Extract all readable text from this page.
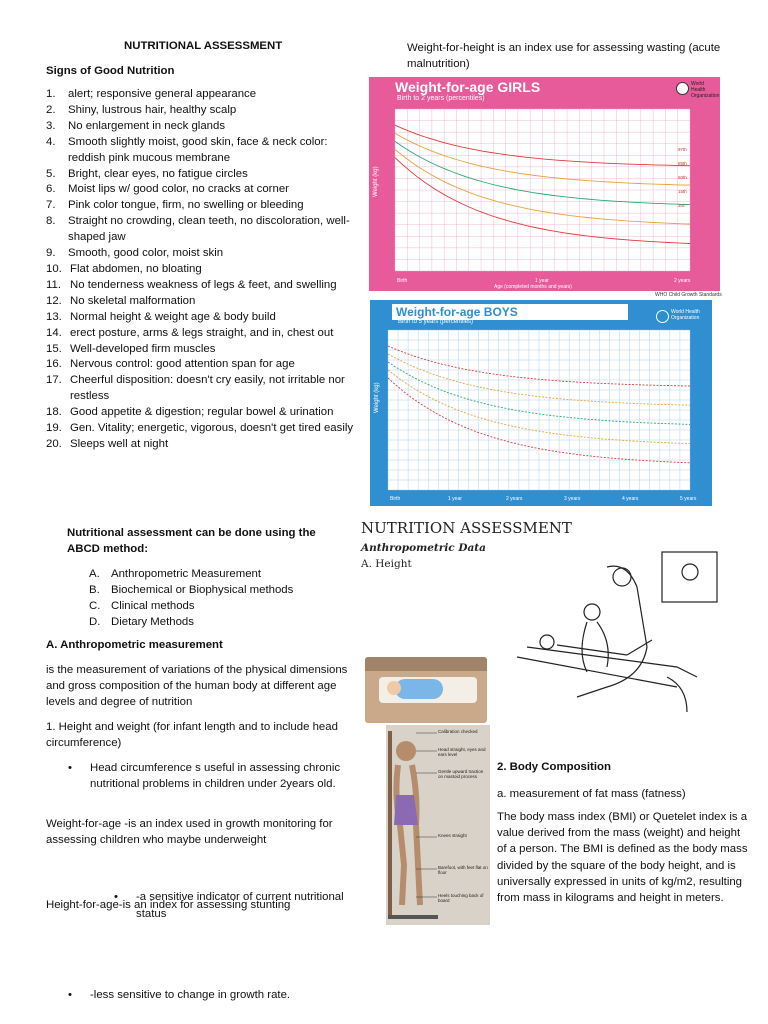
NUTRITIONAL ASSESSMENT
Signs of Good Nutrition
1. alert; responsive general appearance
2. Shiny, lustrous hair, healthy scalp
3. No enlargement in neck glands
4. Smooth slightly moist, good skin, face & neck color: reddish pink mucous membrane
5. Bright, clear eyes, no fatigue circles
6. Moist lips w/ good color, no cracks at corner
7. Pink color tongue, firm, no swelling or bleeding
8. Straight no crowding, clean teeth, no discoloration, well-shaped jaw
9. Smooth, good color, moist skin
10. Flat abdomen, no bloating
11. No tenderness weakness of legs & feet, and swelling
12. No skeletal malformation
13. Normal height & weight age & body build
14. erect posture, arms & legs straight, and in, chest out
15. Well-developed firm muscles
16. Nervous control: good attention span for age
17. Cheerful disposition: doesn't cry easily, not irritable nor restless
18. Good appetite & digestion; regular bowel & urination
19. Gen. Vitality; energetic, vigorous, doesn't get tired easily
20. Sleeps well at night
Nutritional assessment can be done using the ABCD method:
A. Anthropometric Measurement
B. Biochemical or Biophysical methods
C. Clinical methods
D. Dietary Methods
A. Anthropometric measurement
is the measurement of variations of the physical dimensions and gross composition of the human body at different age levels and degree of nutrition
1. Height and weight (for infant length and to include head circumference)
• Head circumference s useful in assessing chronic nutritional problems in children under 2years old.
Weight-for-age -is an index used in growth monitoring for assessing children who maybe underweight
• -a sensitive indicator of current nutritional status
Height-for-age-is an index for assessing stunting
• -less sensitive to change in growth rate.
Weight-for-height is an index use for assessing wasting (acute malnutrition)
Weight-for-age GIRLS
Birth to 2 years (percentiles)
World Health Organization
97th
85th
50th
15th
3rd
Weight (kg)
Birth	1 year	2 years
Age (completed months and years)
WHO Child Growth Standards
Weight-for-age BOYS
Birth to 5 years (percentiles)
World Health Organization
Weight (kg)
Birth	1 year	2 years	3 years	4 years	5 years
NUTRITION ASSESSMENT
Anthropometric Data
A. Height
Calibration checked
Head straight, eyes and ears level
Gentle upward traction on mastoid process
Knees straight
Barefoot, with feet flat on floor
Heels touching back of board
2. Body Composition
a. measurement of fat mass (fatness)
The body mass index (BMI) or Quetelet index is a value derived from the mass (weight) and height of a person. The BMI is defined as the body mass divided by the square of the body height, and is universally expressed in units of kg/m2, resulting from mass in kilograms and height in meters.
